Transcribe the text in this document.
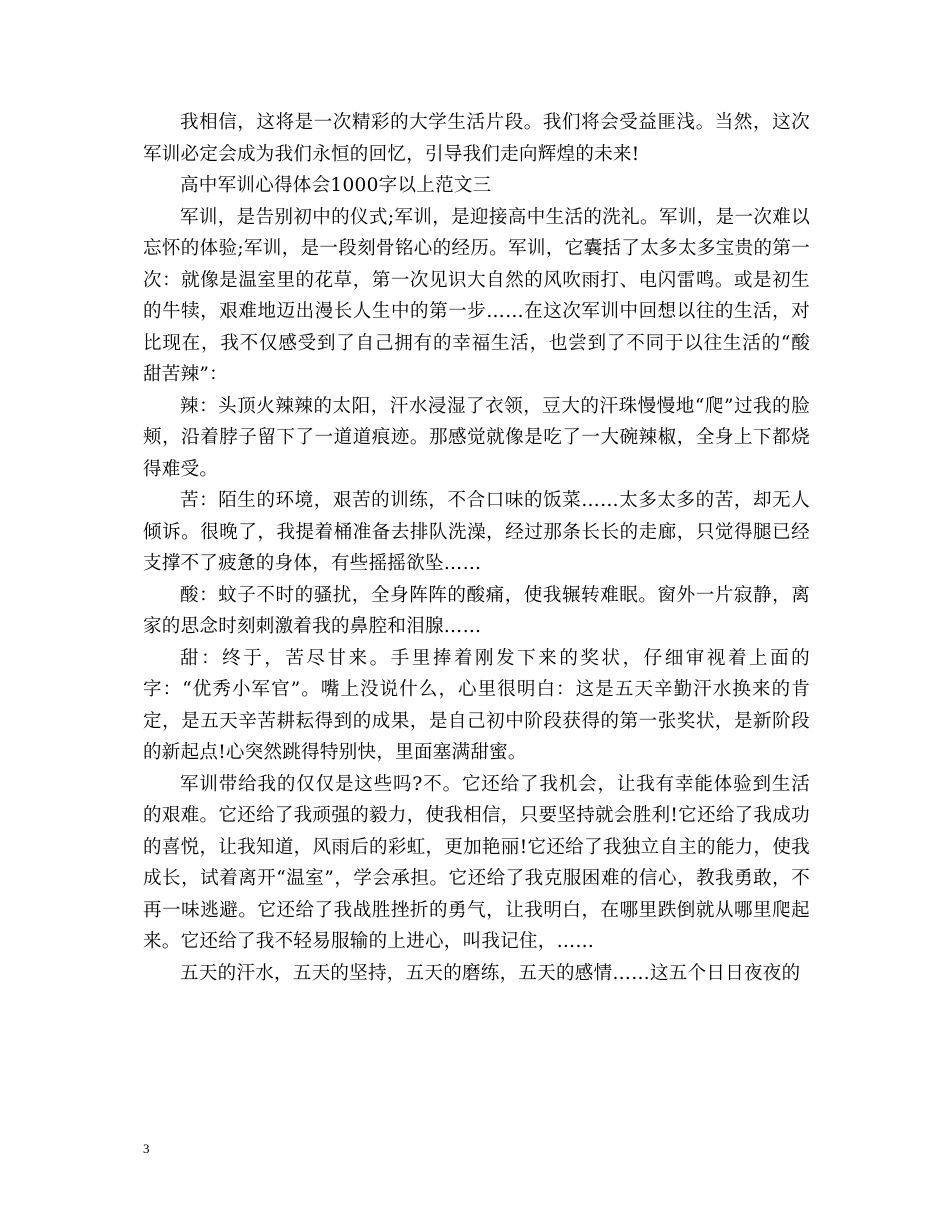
我相信，这将是一次精彩的大学生活片段。我们将会受益匪浅。当然，这次军训必定会成为我们永恒的回忆，引导我们走向辉煌的未来!

高中军训心得体会1000字以上范文三

军训，是告别初中的仪式;军训，是迎接高中生活的洗礼。军训，是一次难以忘怀的体验;军训，是一段刻骨铭心的经历。军训，它囊括了太多太多宝贵的第一次：就像是温室里的花草，第一次见识大自然的风吹雨打、电闪雷鸣。或是初生的牛犊，艰难地迈出漫长人生中的第一步……在这次军训中回想以往的生活，对比现在，我不仅感受到了自己拥有的幸福生活，也尝到了不同于以往生活的“酸甜苦辣”：

辣：头顶火辣辣的太阳，汗水浸湿了衣领，豆大的汗珠慢慢地“爬”过我的脸颊，沿着脖子留下了一道道痕迹。那感觉就像是吃了一大碗辣椒，全身上下都烧得难受。

苦：陌生的环境，艰苦的训练，不合口味的饭菜……太多太多的苦，却无人倾诉。很晚了，我提着桶准备去排队洗澡，经过那条长长的走廊，只觉得腿已经支撑不了疲惫的身体，有些摇摇欲坠……

酸：蚊子不时的骚扰，全身阵阵的酸痛，使我辗转难眠。窗外一片寂静，离家的思念时刻刺激着我的鼻腔和泪腺……

甜：终于，苦尽甘来。手里捧着刚发下来的奖状，仔细审视着上面的字：“优秀小军官”。嘴上没说什么，心里很明白：这是五天辛勤汗水换来的肯定，是五天辛苦耕耘得到的成果，是自己初中阶段获得的第一张奖状，是新阶段的新起点!心突然跳得特别快，里面塞满甜蜜。

军训带给我的仅仅是这些吗?不。它还给了我机会，让我有幸能体验到生活的艰难。它还给了我顽强的毅力，使我相信，只要坚持就会胜利!它还给了我成功的喜悦，让我知道，风雨后的彩虹，更加艳丽!它还给了我独立自主的能力，使我成长，试着离开“温室”，学会承担。它还给了我克服困难的信心，教我勇敢，不再一味逃避。它还给了我战胜挫折的勇气，让我明白，在哪里跌倒就从哪里爬起来。它还给了我不轻易服输的上进心，叫我记住，……

五天的汗水，五天的坚持，五天的磨练，五天的感情……这五个日日夜夜的

3
